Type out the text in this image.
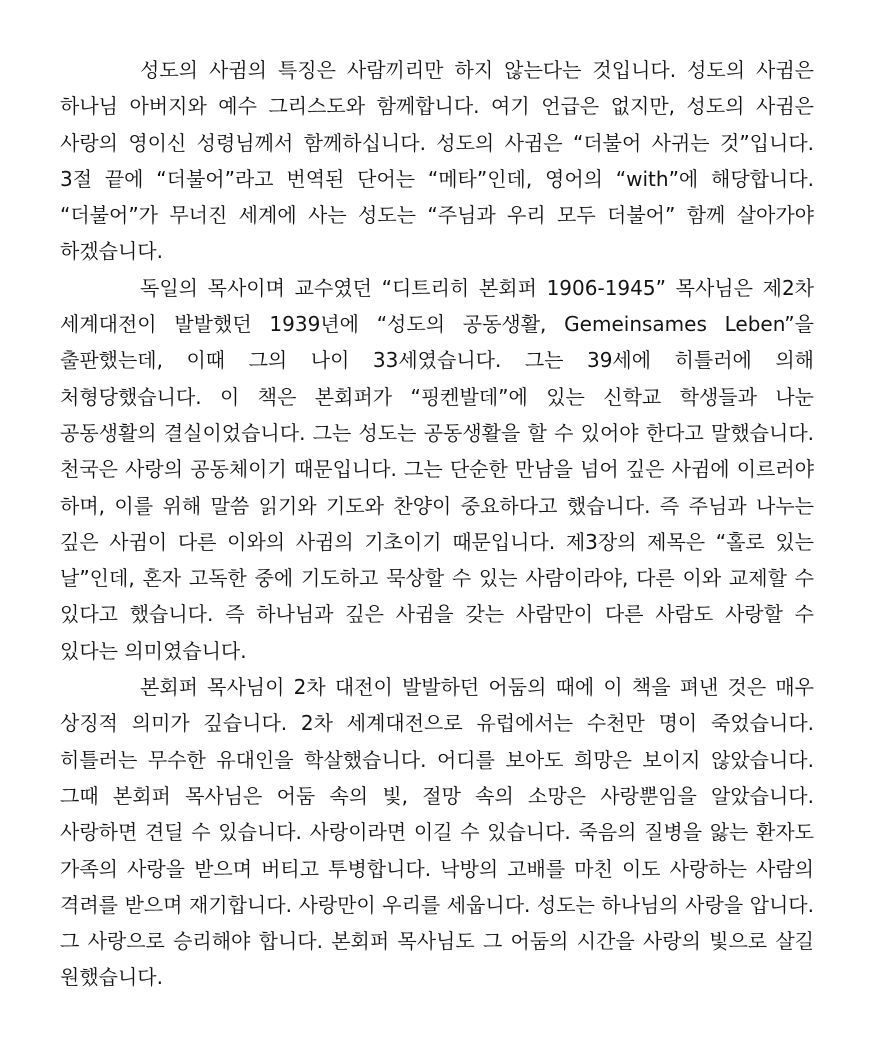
성도의 사귐의 특징은 사람끼리만 하지 않는다는 것입니다. 성도의 사귐은 하나님 아버지와 예수 그리스도와 함께합니다. 여기 언급은 없지만, 성도의 사귐은 사랑의 영이신 성령님께서 함께하십니다. 성도의 사귐은 “더불어 사귀는 것”입니다. 3절 끝에 “더불어”라고 번역된 단어는 “메타”인데, 영어의 “with”에 해당합니다. “더불어”가 무너진 세계에 사는 성도는 “주님과 우리 모두 더불어” 함께 살아가야 하겠습니다.

독일의 목사이며 교수였던 “디트리히 본회퍼 1906-1945” 목사님은 제2차 세계대전이 발발했던 1939년에 “성도의 공동생활, Gemeinsames Leben”을 출판했는데, 이때 그의 나이 33세였습니다. 그는 39세에 히틀러에 의해 처형당했습니다. 이 책은 본회퍼가 “핑켄발데”에 있는 신학교 학생들과 나눈 공동생활의 결실이었습니다. 그는 성도는 공동생활을 할 수 있어야 한다고 말했습니다. 천국은 사랑의 공동체이기 때문입니다. 그는 단순한 만남을 넘어 깊은 사귐에 이르러야 하며, 이를 위해 말씀 읽기와 기도와 찬양이 중요하다고 했습니다. 즉 주님과 나누는 깊은 사귐이 다른 이와의 사귐의 기초이기 때문입니다. 제3장의 제목은 “홀로 있는 날”인데, 혼자 고독한 중에 기도하고 묵상할 수 있는 사람이라야, 다른 이와 교제할 수 있다고 했습니다. 즉 하나님과 깊은 사귐을 갖는 사람만이 다른 사람도 사랑할 수 있다는 의미였습니다.

본회퍼 목사님이 2차 대전이 발발하던 어둠의 때에 이 책을 펴낸 것은 매우 상징적 의미가 깊습니다. 2차 세계대전으로 유럽에서는 수천만 명이 죽었습니다. 히틀러는 무수한 유대인을 학살했습니다. 어디를 보아도 희망은 보이지 않았습니다. 그때 본회퍼 목사님은 어둠 속의 빛, 절망 속의 소망은 사랑뿐임을 알았습니다. 사랑하면 견딜 수 있습니다. 사랑이라면 이길 수 있습니다. 죽음의 질병을 앓는 환자도 가족의 사랑을 받으며 버티고 투병합니다. 낙방의 고배를 마친 이도 사랑하는 사람의 격려를 받으며 재기합니다. 사랑만이 우리를 세웁니다. 성도는 하나님의 사랑을 압니다. 그 사랑으로 승리해야 합니다. 본회퍼 목사님도 그 어둠의 시간을 사랑의 빛으로 살길 원했습니다.
